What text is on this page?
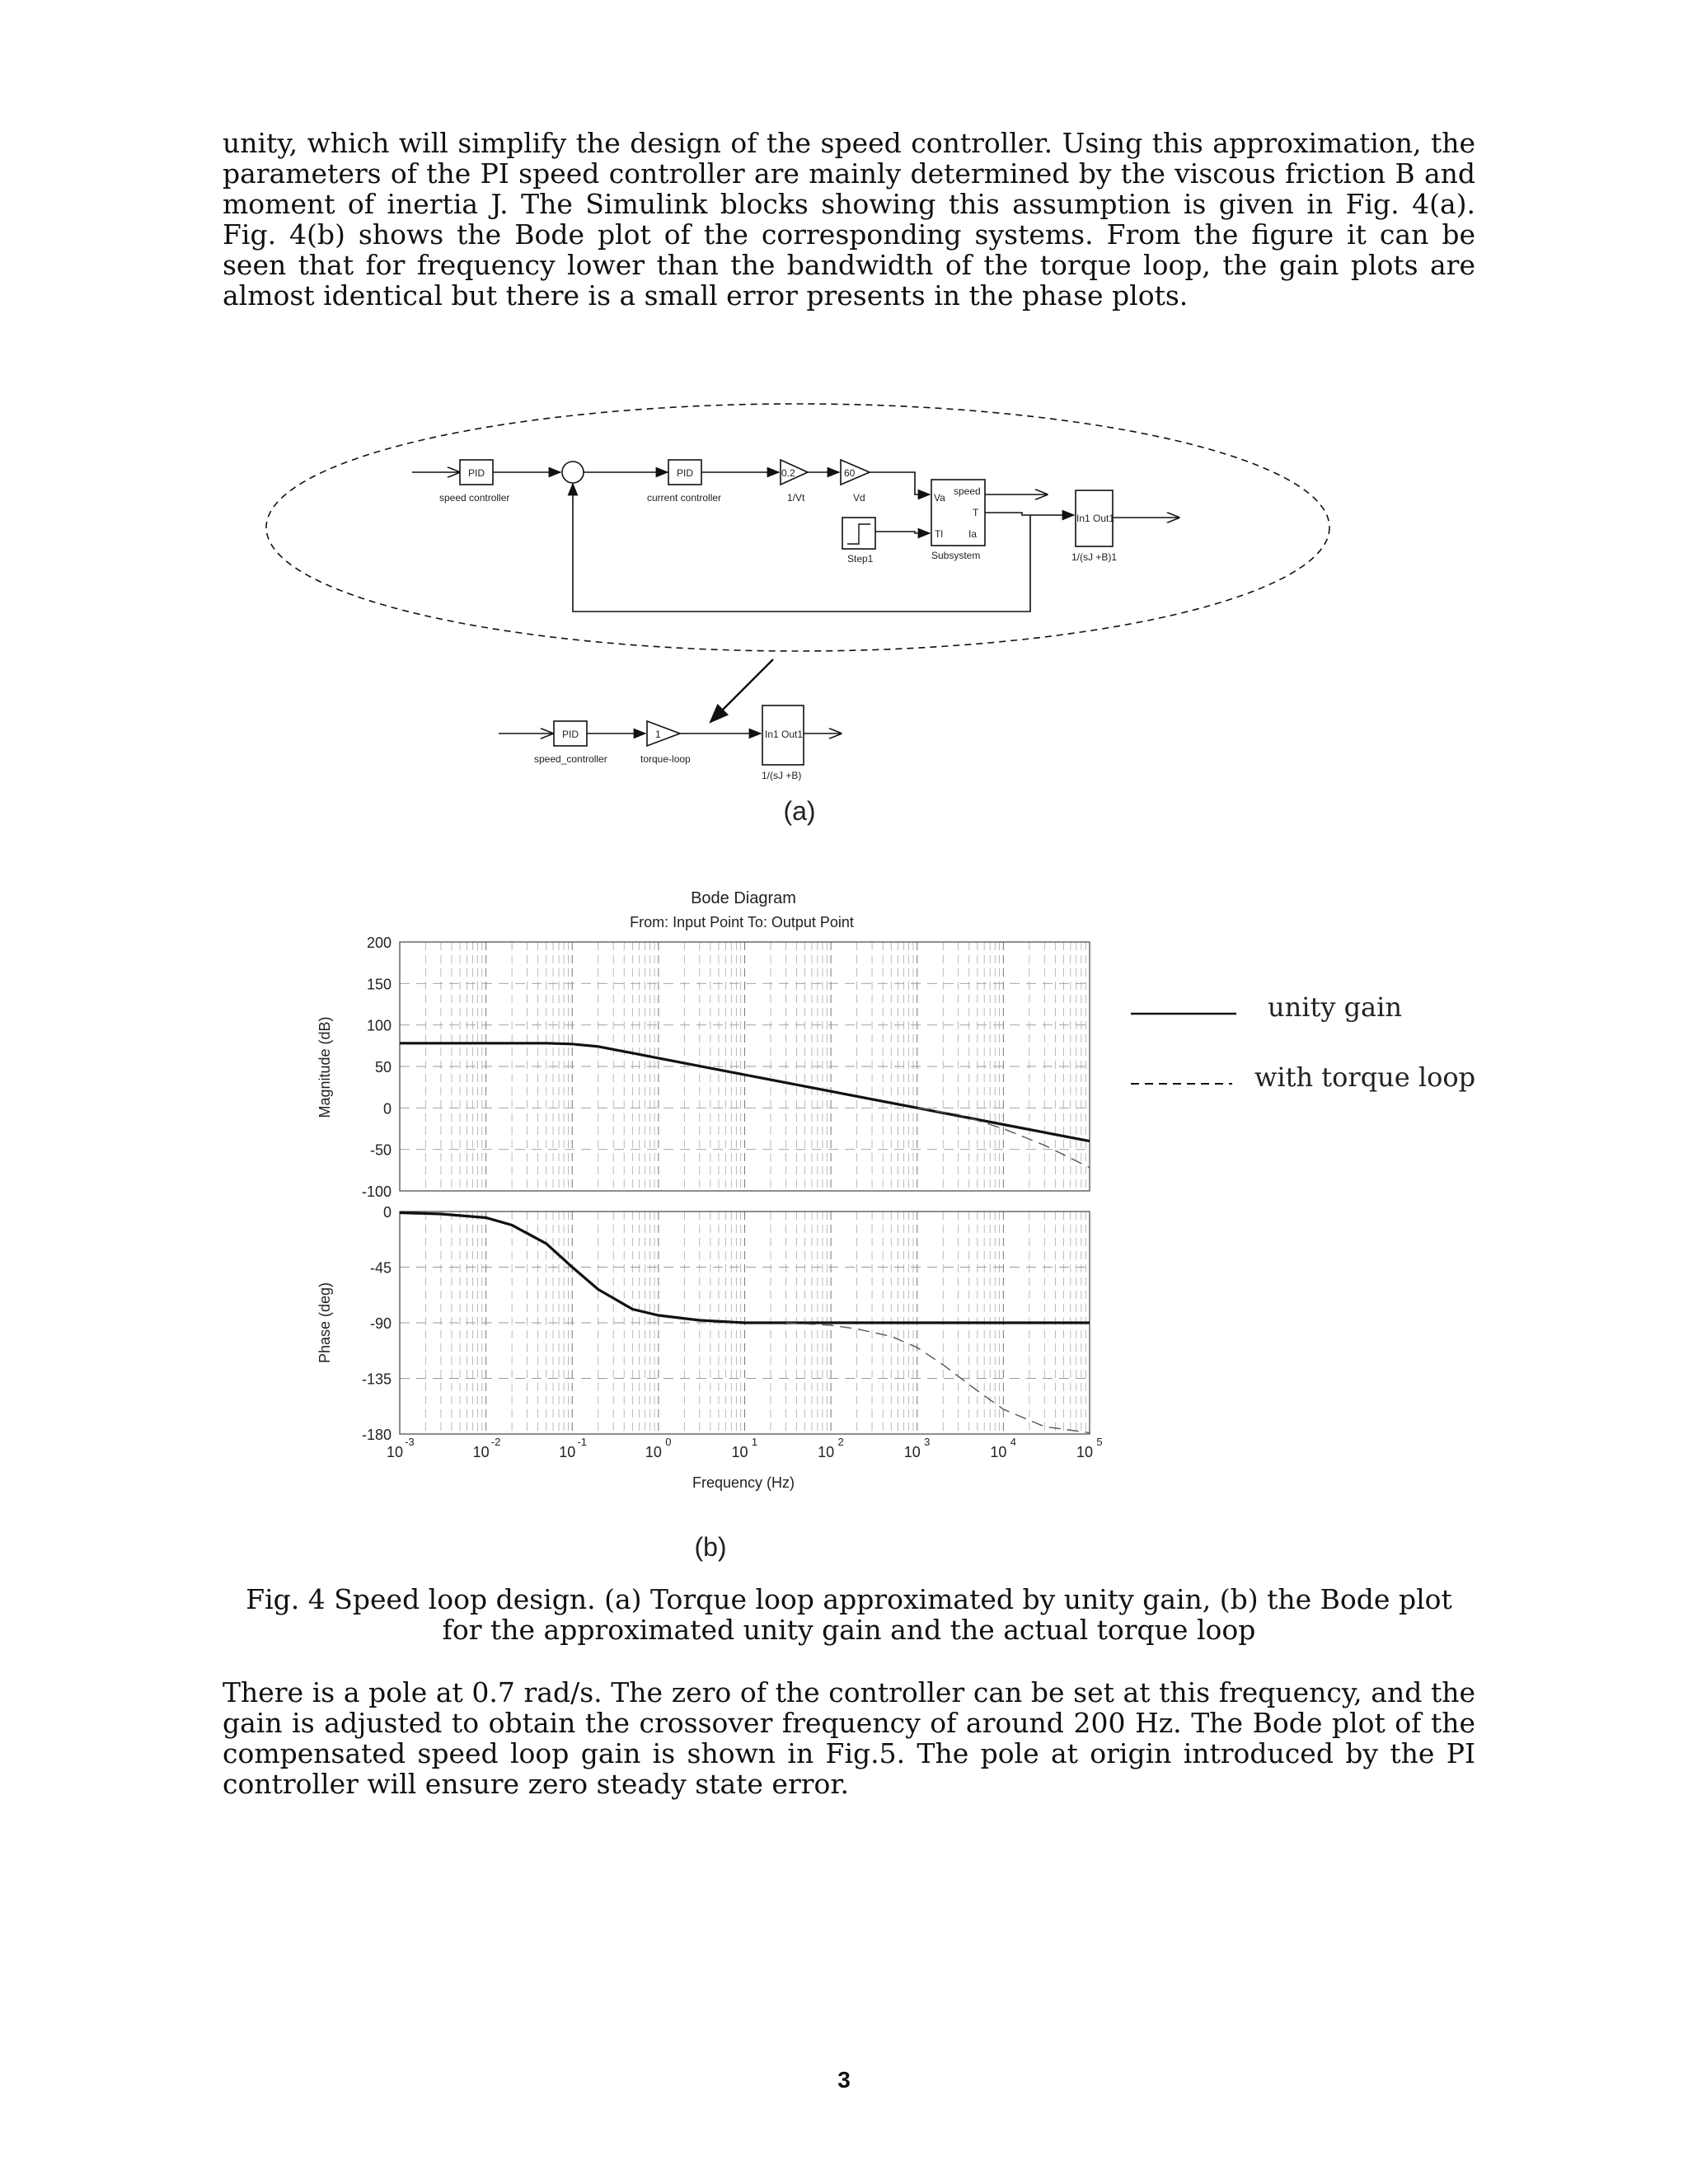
unity, which will simplify the design of the speed controller. Using this approximation, the parameters of the PI speed controller are mainly determined by the viscous friction B and moment of inertia J. The Simulink blocks showing this assumption is given in Fig. 4(a). Fig. 4(b) shows the Bode plot of the corresponding systems. From the figure it can be seen that for frequency lower than the bandwidth of the torque loop, the gain plots are almost identical but there is a small error presents in the phase plots.

PID
speed controller
PID
current controller
0.2
1/Vt
60
Vd	Va
speed
T
Tl	Ia
Subsystem
Step1
In1 Out1
1/(sJ +B)1
PID
speed_controller
1
torque-loop
In1 Out1
1/(sJ +B)
(a)
Bode Diagram
From: Input Point To: Output Point
200
150
100
50
0
-50
-100
0
-45
-90
-135
-180
10
-3
10
-2
10
-1
10
0
10
1
10
2
10
3
10
4
10
5
Frequency (Hz)
Magnitude (dB)
Phase (deg)
unity gain
with torque loop
(b)
Fig. 4 Speed loop design. (a) Torque loop approximated by unity gain, (b) the Bode plot for the approximated unity gain and the actual torque loop

There is a pole at 0.7 rad/s. The zero of the controller can be set at this frequency, and the gain is adjusted to obtain the crossover frequency of around 200 Hz. The Bode plot of the compensated speed loop gain is shown in Fig.5. The pole at origin introduced by the PI controller will ensure zero steady state error.

3
